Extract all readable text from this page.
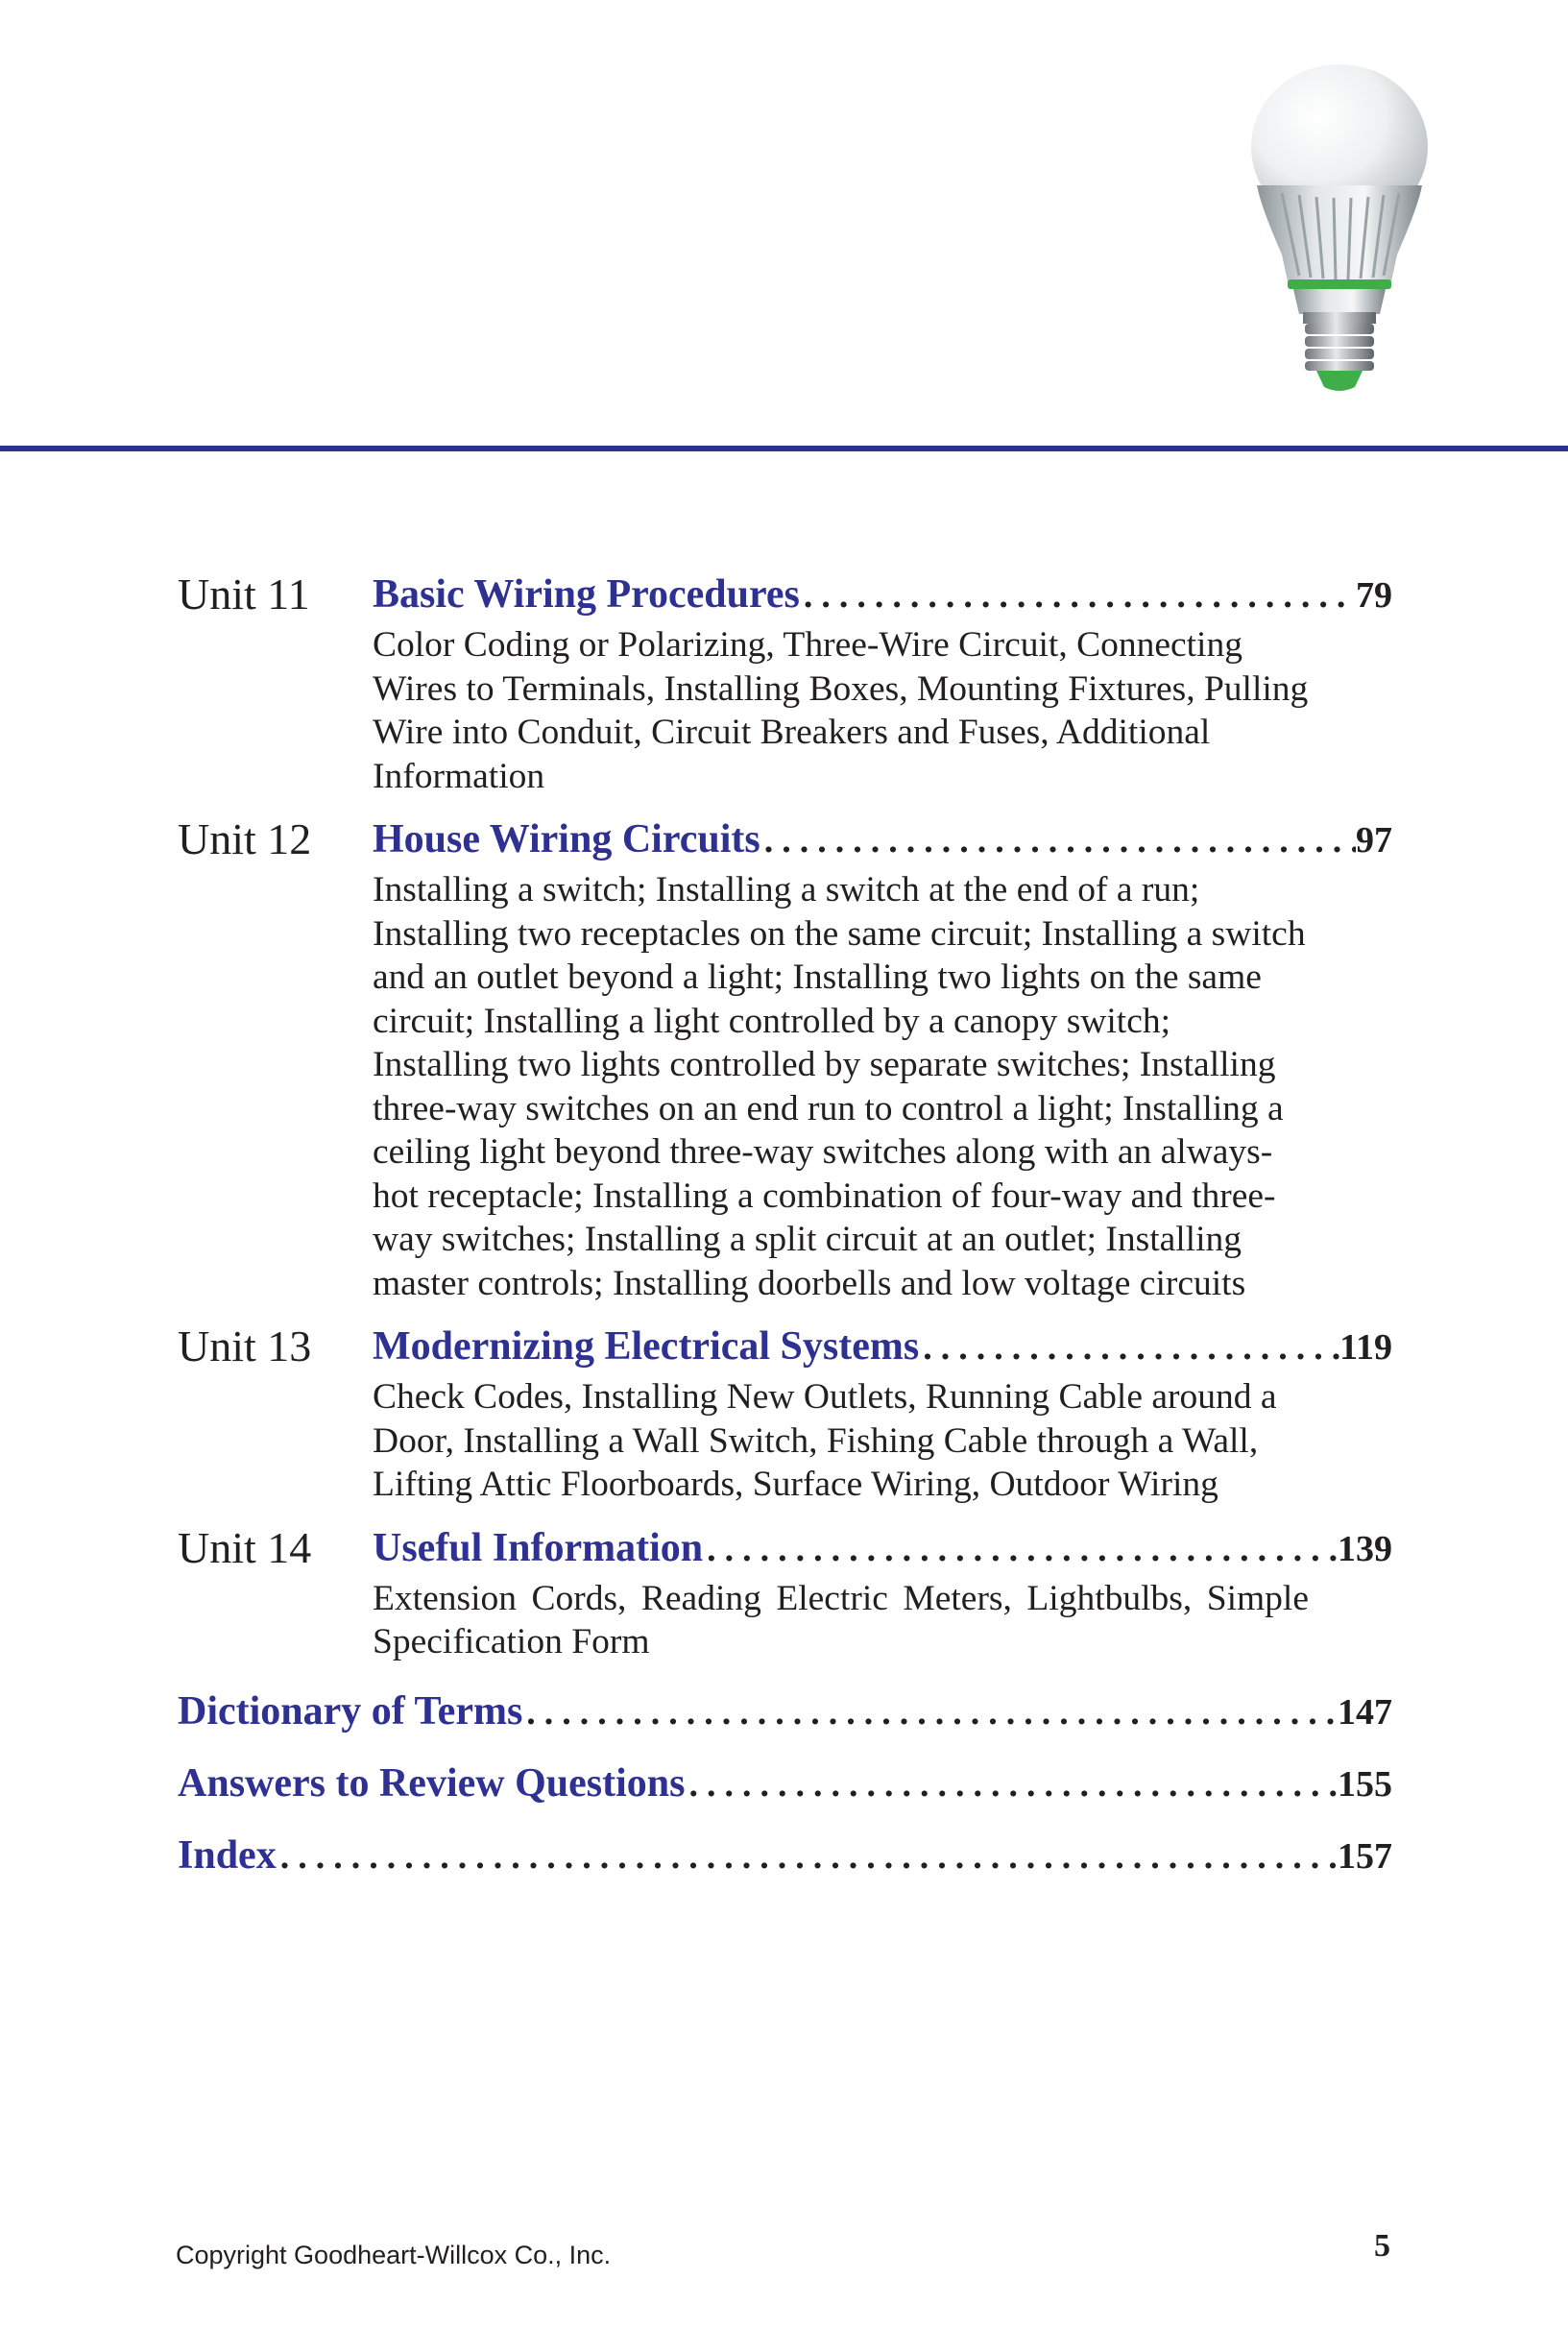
Unit 11	Basic Wiring Procedures .....	79
Color Coding or Polarizing, Three-Wire Circuit, Connecting Wires to Terminals, Installing Boxes, Mounting Fixtures, Pulling Wire into Conduit, Circuit Breakers and Fuses, Additional Information
Unit 12	House Wiring Circuits .....	97
Installing a switch; Installing a switch at the end of a run; Installing two receptacles on the same circuit; Installing a switch and an outlet beyond a light; Installing two lights on the same circuit; Installing a light controlled by a canopy switch; Installing two lights controlled by separate switches; Installing three-way switches on an end run to control a light; Installing a ceiling light beyond three-way switches along with an always-hot receptacle; Installing a combination of four-way and three-way switches; Installing a split circuit at an outlet; Installing master controls; Installing doorbells and low voltage circuits
Unit 13	Modernizing Electrical Systems .....	119
Check Codes, Installing New Outlets, Running Cable around a Door, Installing a Wall Switch, Fishing Cable through a Wall, Lifting Attic Floorboards, Surface Wiring, Outdoor Wiring
Unit 14	Useful Information .....	139
Extension Cords, Reading Electric Meters, Lightbulbs, Simple Specification Form
Dictionary of Terms .....	147
Answers to Review Questions .....	155
Index .....	157
Copyright Goodheart-Willcox Co., Inc.	5
